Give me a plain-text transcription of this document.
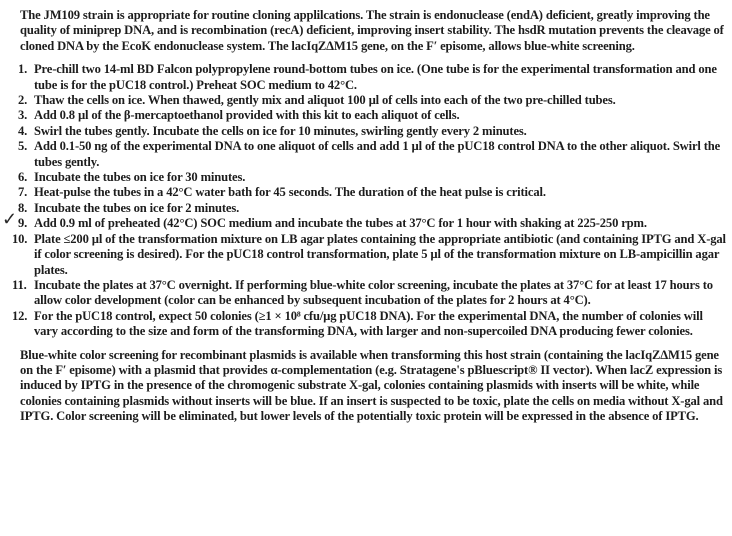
✓

The JM109 strain is appropriate for routine cloning applilcations. The strain is endonuclease (endA) deficient, greatly improving the quality of miniprep DNA, and is recombination (recA) deficient, improving insert stability. The hsdR mutation prevents the cleavage of cloned DNA by the EcoK endonuclease system. The lacIqZΔM15 gene, on the F′ episome, allows blue-white screening.

1. Pre-chill two 14-ml BD Falcon polypropylene round-bottom tubes on ice. (One tube is for the experimental transformation and one tube is for the pUC18 control.) Preheat SOC medium to 42°C.
2. Thaw the cells on ice. When thawed, gently mix and aliquot 100 µl of cells into each of the two pre-chilled tubes.
3. Add 0.8 µl of the β-mercaptoethanol provided with this kit to each aliquot of cells.
4. Swirl the tubes gently. Incubate the cells on ice for 10 minutes, swirling gently every 2 minutes.
5. Add 0.1-50 ng of the experimental DNA to one aliquot of cells and add 1 µl of the pUC18 control DNA to the other aliquot. Swirl the tubes gently.
6. Incubate the tubes on ice for 30 minutes.
7. Heat-pulse the tubes in a 42°C water bath for 45 seconds. The duration of the heat pulse is critical.
8. Incubate the tubes on ice for 2 minutes.
9. Add 0.9 ml of preheated (42°C) SOC medium and incubate the tubes at 37°C for 1 hour with shaking at 225-250 rpm.
10. Plate ≤200 µl of the transformation mixture on LB agar plates containing the appropriate antibiotic (and containing IPTG and X-gal if color screening is desired). For the pUC18 control transformation, plate 5 µl of the transformation mixture on LB-ampicillin agar plates.
11. Incubate the plates at 37°C overnight. If performing blue-white color screening, incubate the plates at 37°C for at least 17 hours to allow color development (color can be enhanced by subsequent incubation of the plates for 2 hours at 4°C).
12. For the pUC18 control, expect 50 colonies (≥1 × 10⁸ cfu/µg pUC18 DNA). For the experimental DNA, the number of colonies will vary according to the size and form of the transforming DNA, with larger and non-supercoiled DNA producing fewer colonies.

Blue-white color screening for recombinant plasmids is available when transforming this host strain (containing the lacIqZΔM15 gene on the F′ episome) with a plasmid that provides α-complementation (e.g. Stratagene's pBluescript® II vector). When lacZ expression is induced by IPTG in the presence of the chromogenic substrate X-gal, colonies containing plasmids with inserts will be white, while colonies containing plasmids without inserts will be blue. If an insert is suspected to be toxic, plate the cells on media without X-gal and IPTG. Color screening will be eliminated, but lower levels of the potentially toxic protein will be expressed in the absence of IPTG.
